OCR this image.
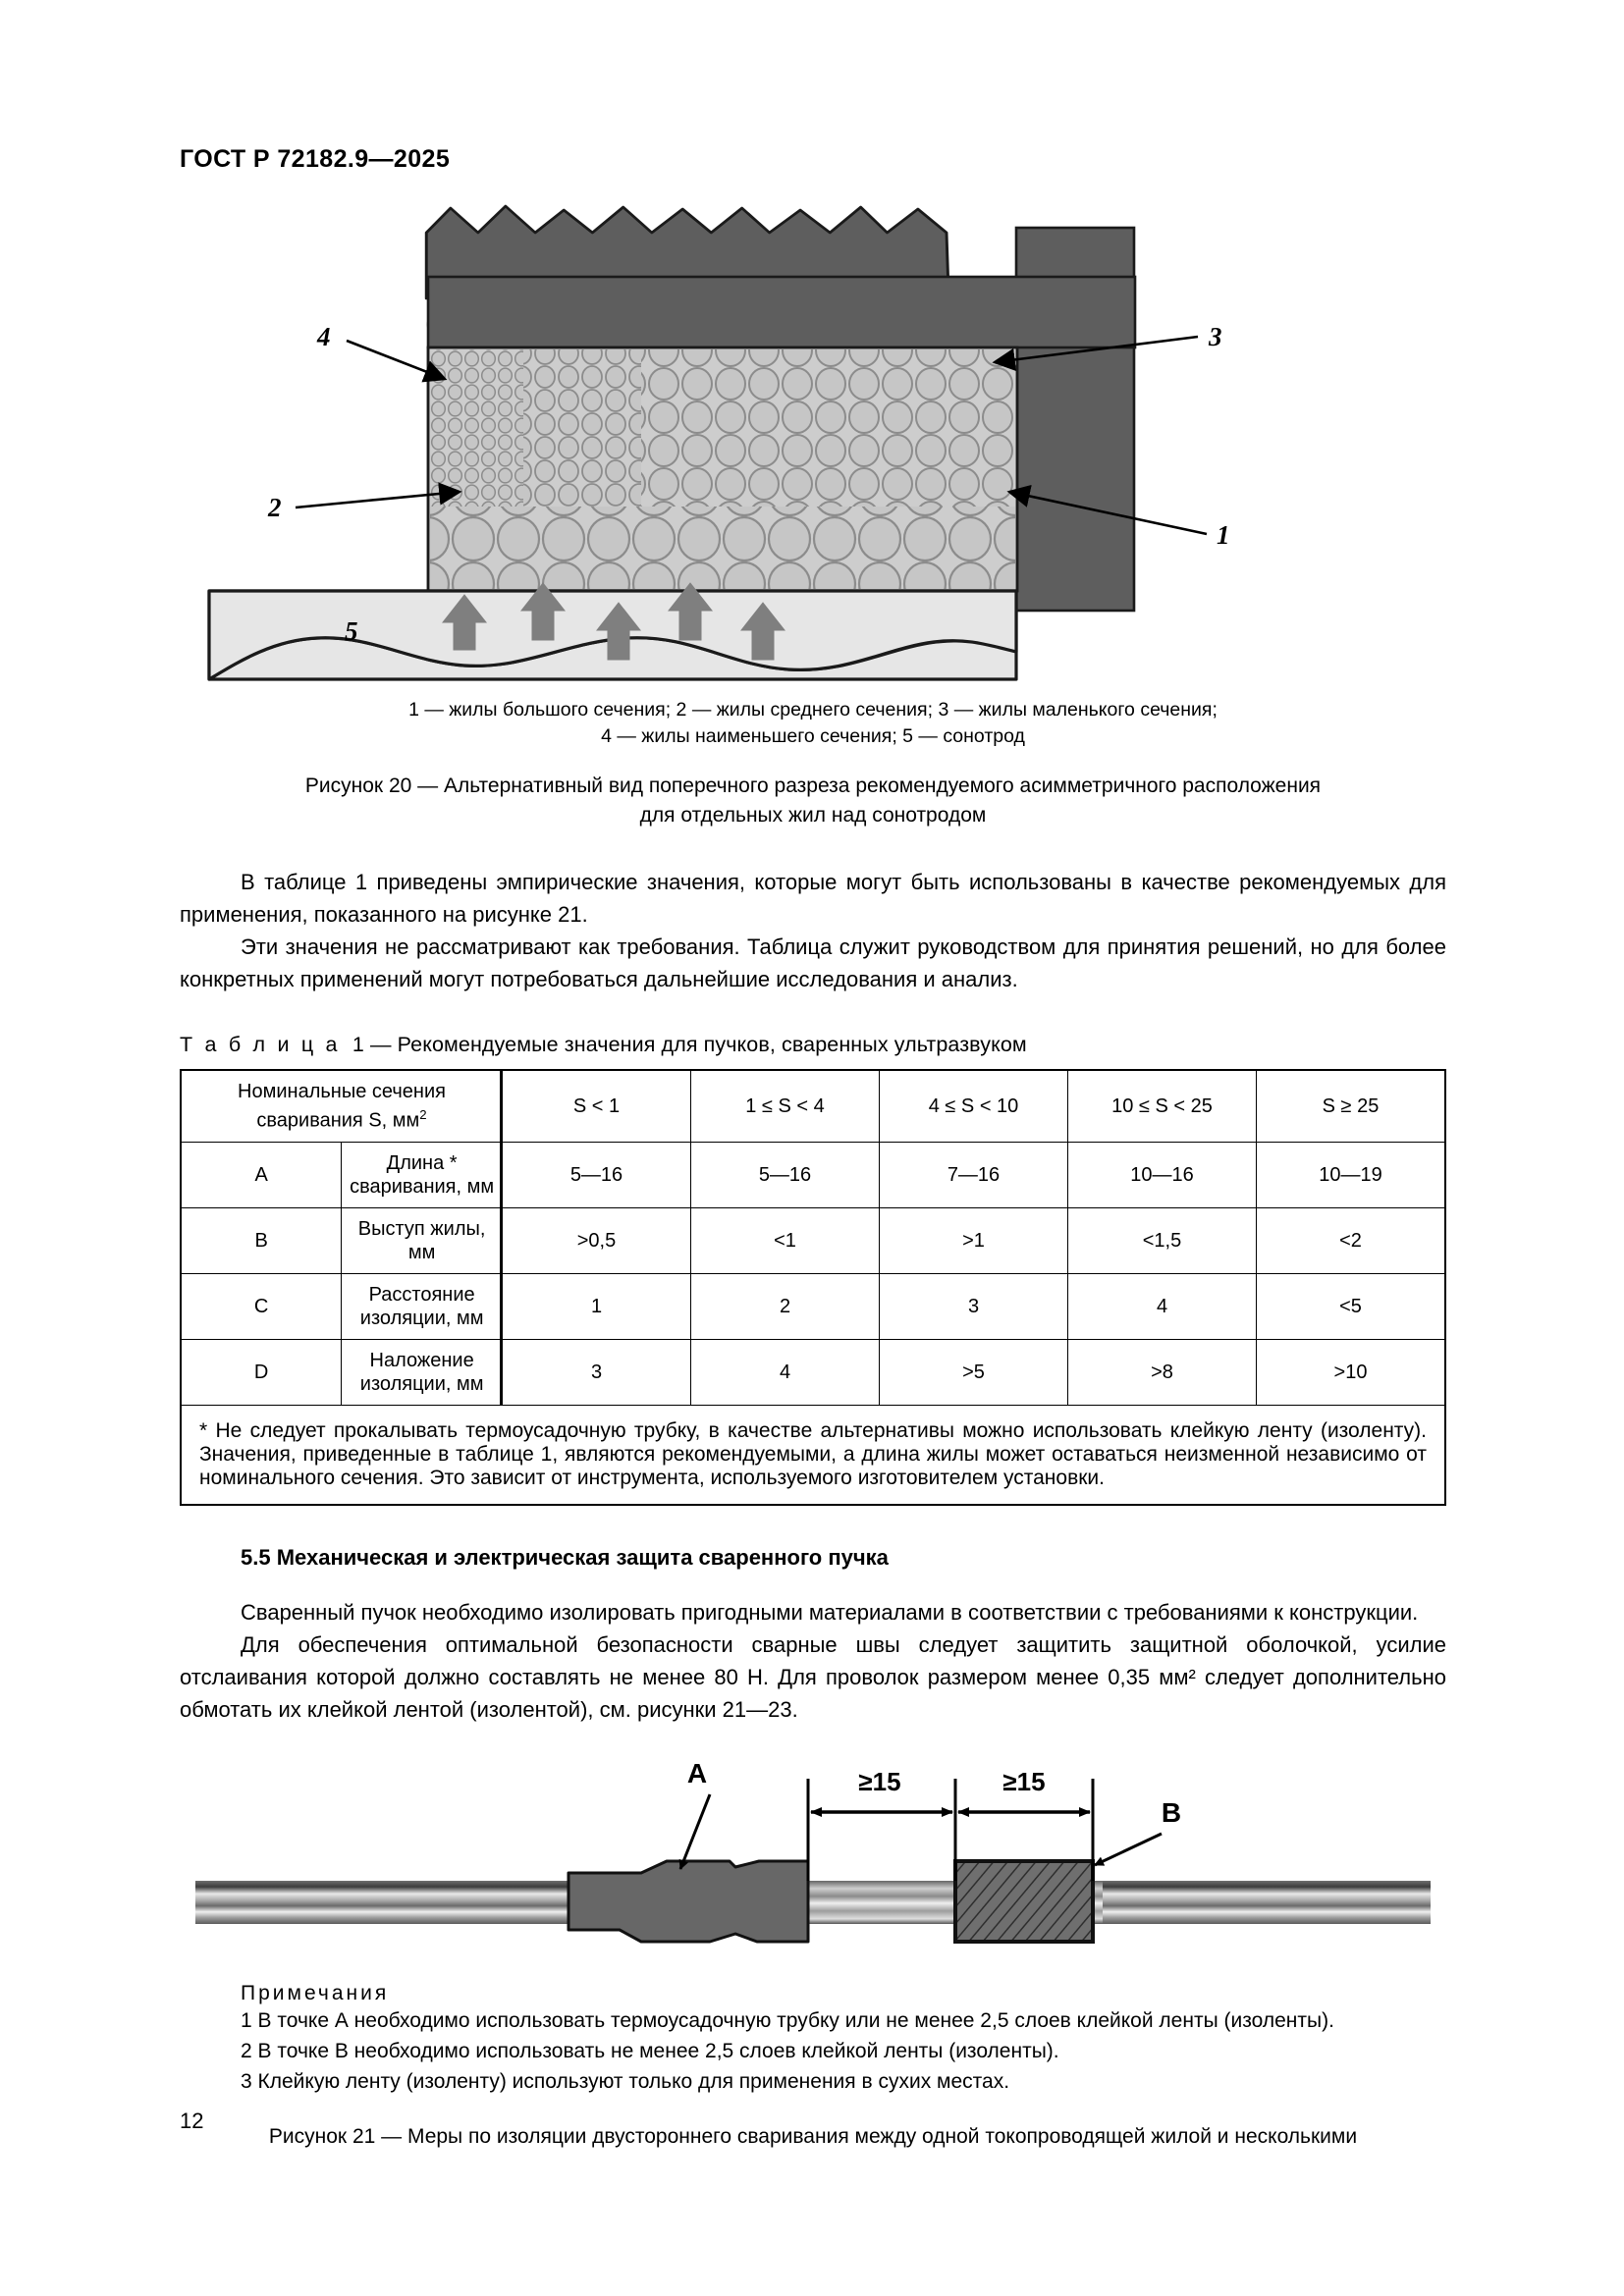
ГОСТ Р 72182.9—2025
4
2
3
1
5
1 — жилы большого сечения; 2 — жилы среднего сечения; 3 — жилы маленького сечения;
4 — жилы наименьшего сечения; 5 — сонотрод
Рисунок 20 — Альтернативный вид поперечного разреза рекомендуемого асимметричного расположения
для отдельных жил над сонотродом

В таблице 1 приведены эмпирические значения, которые могут быть использованы в качестве рекомендуемых для применения, показанного на рисунке 21.

Эти значения не рассматривают как требования. Таблица служит руководством для принятия решений, но для более конкретных применений могут потребоваться дальнейшие исследования и анализ.

Т а б л и ц а 1 — Рекомендуемые значения для пучков, сваренных ультразвуком
Номинальные сечения сваривания S, $мм^2$		S < 1	1 ≤ S < 4	4 ≤ S < 10	10 ≤ S < 25	S ≥ 25
A	Длина * сваривания, мм	5—16	5—16	7—16	10—16	10—19
B	Выступ жилы, мм	>0,5	<1	>1	<1,5	<2
C	Расстояние изоляции, мм	1	2	3	4	<5
D	Наложение изоляции, мм	3	4	>5	>8	>10
* Не следует прокалывать термоусадочную трубку, в качестве альтернативы можно использовать клейкую ленту (изоленту). Значения, приведенные в таблице 1, являются рекомендуемыми, а длина жилы может оставаться неизменной независимо от номинального сечения. Это зависит от инструмента, используемого изготовителем установки.						
5.5 Механическая и электрическая защита сваренного пучка

Сваренный пучок необходимо изолировать пригодными материалами в соответствии с требованиями к конструкции.

Для обеспечения оптимальной безопасности сварные швы следует защитить защитной оболочкой, усилие отслаивания которой должно составлять не менее 80 Н. Для проволок размером менее 0,35 мм² следует дополнительно обмотать их клейкой лентой (изолентой), см. рисунки 21—23.

≥15	≥15
A
B
Примечания

1 В точке А необходимо использовать термоусадочную трубку или не менее 2,5 слоев клейкой ленты (изоленты).

2 В точке В необходимо использовать не менее 2,5 слоев клейкой ленты (изоленты).

3 Клейкую ленту (изоленту) используют только для применения в сухих местах.

Рисунок 21 — Меры по изоляции двустороннего сваривания между одной токопроводящей жилой и несколькими
12
